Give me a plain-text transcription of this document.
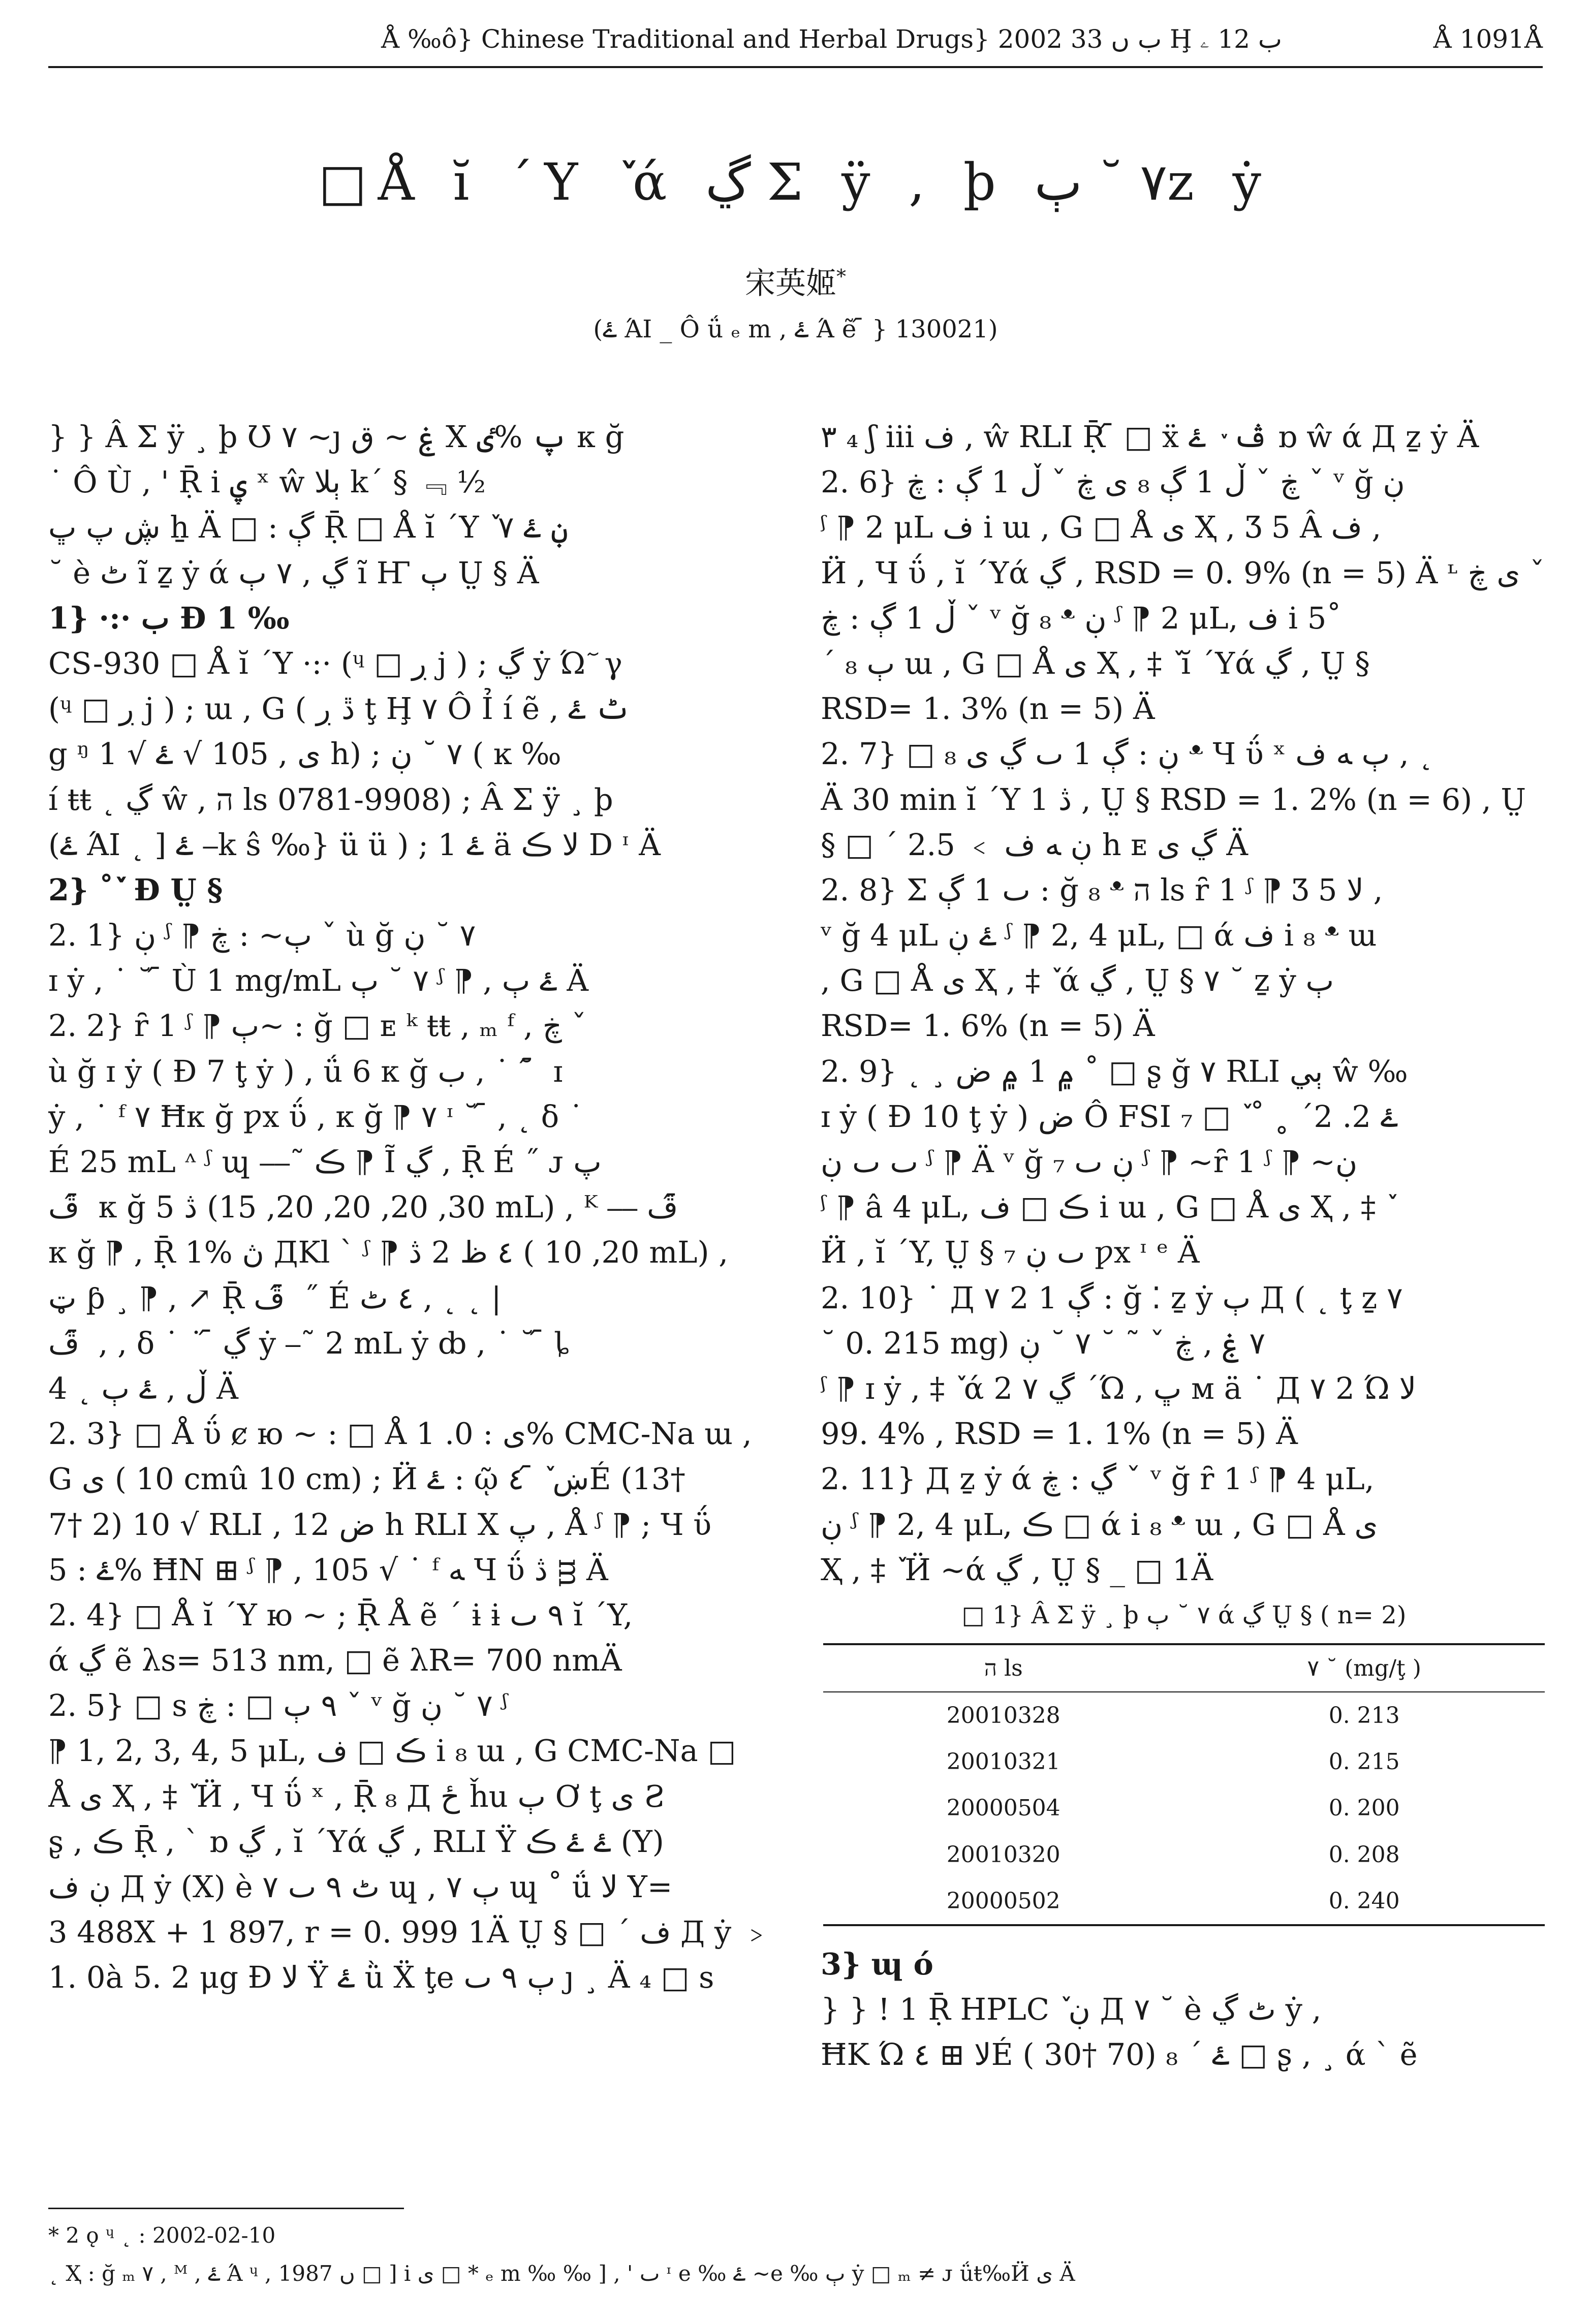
Å ‰ô} Chinese Traditional and Herbal Drugs} 2002 ب ں 33 Ḩ ب 12 ۦ	Å 1091Å
□Å ĭ ΄Y ٚ ά ڲ Σ ÿ , þ ٧ ˘ ٻz ẏ
宋英姬*
(ۓ ΆI _ Ô ǘ ₑ m , ۓ Ά ẽ ᷇ } 130021)
} } Â Σ ÿ ¸ þ Ʊ ٧ ~ȷ ۼ ~ ق X پ %ٸ κ ğ
˙ Ô Ù , ' Ṝ i ۑ ˣ ŵ ٻلا k΄ § ﹃ ½
ڜ پ ڀ ẖ Ä □ : ڳ Ṝ □ Å ĭ ΄Y ٚ ڹ ۓ ٧
˘ è ٹ ĩ ẕ ẏ ά ڲ , ٧ ٻ ĩ Ҥ ٻ Ṳ § Ä
1} ·:· ب Ɖ 1 ‰
CS-930 □ Å ĭ ΄Y ·:· (ᶣ □ ڔ j ) ; ڲ ẏ Ώ ٓ γ
(ᶣ □ ڔ j ) ; ɯ , G ( ڐ ڔ ţ Ḩ ٧ Ô Ỉ í ẽ , ٹ ۓ
g ᵑ ى , 105 √ ۓ √ 1 h) ; ٧ ˘ ڹ ( ĸ ‰
í ŧŧ ˛ ڲ ŵ , ה ls 0781-9908) ; Â Σ ÿ ¸ þ
(ۓ ΆI ˛ ] ۓ ⎯k ŝ ‰} ü ü ) ; 1 ۓ ä ﻻ ڪ D ᶦ Ä
2} ˚ ٚ Ɖ Ṳ §
2. 1} ڹ ᶴ ⁋ ٻ~ : ڿ ˇ ù ğ ٧ ˘ ڹ
ɪ ẏ , ˙ ˘ ᷇ Ù 1 mg/mL ٧ ˘ ٻ ᶴ ⁋ , ۓ ٻ Ä
2. 2} ȓ 1 ᶴ ⁋ ٻ~ : ğ □ ᴇ ᵏ ŧŧ , ₘ ᶠ , ڿ ˇ
ù ğ ɪ ẏ ( Ɖ 7 ţ ẏ ) , ǘ 6 κ ğ ب , ˙ ˘ ᷇ ɪ
ẏ , ˙ ᶠ ٧ Ħκ ğ ƿx ΰ , κ ğ ⁋ ٧ ᶦ ˘ ᷇ , ˛ ẟ ˙
É 25 mL ᶺ ᶴ ɰ ⎯⎯˜ ڪ ⁋ Ĩ ڲ , Ṝ É ˝ ᴊ پ
ڦ ᷇ κ ğ 5 ڎ (30, 20, 20, 20, 15 mL) , ᴷ ⎯⎯ ڦ ᷇
κ ğ ⁋ , Ṝ 1% ڽ ДKl ˋ ᶴ ⁋ ٤ ظ 2 ڎ ( 20, 10 mL) ,
ټ ƥ ¸ ⁋ , ↗ Ṝ ڦ ᷇ ˝ É ٤ ٹ , ˛ ˛ |
ڦ ᷇ , , ẟ ˙ ˙ ᷇ ڲ ẏ ⎯˜ 2 mL ẏ ȸ , ˙ ˘ ᷇ ȴ
4 ˛ ڵ , ۓ ٻ Ä
2. 3} □ Å ΰ ȼ ю ~ : □ Å ى : 0. 1% CMC-Na ɯ ,
G ى ( 10 cmû 10 cm) ; Ӥ ۓ : ῷ ښ ٚ ᷇ ٤É (13†
7† 2) 10 √ RLI , ض 12 h RLI X پ , Å ᶴ ⁋ ; Ч ΰ
ۓ : 5% ĦN ⊞ ᶴ ⁋ , 105 √ ˙ ᶠ ﻪ Ч ΰ ڎ ᴟ Ä
2. 4} □ Å ĭ ΄Y ю ~ ; Ṝ Å ẽ ΄ ɨ ɨ ٩ ٮ ĭ ΄Y,
ά ڲ ẽ λs= 513 nm, □ ẽ λR= 700 nmÄ
2. 5} □ s ٩ ٻ □ : ڿ ˇ ᵛ ğ ٧ ˘ ڹ ᶴ
⁋ 1, 2, 3, 4, 5 μL, ڪ □ ف i ₈ ɯ , G CMC-Na □
Å ى Ҳ , ‡ ٚ Ӥ , Ч ΰ ˣ , Ṝ ₈ Д ځ ȟu ٻ Ơ ţ ى Ƨ
ʂ , ڪ Ṝ , ˋ ɒ ڲ , ĭ ΄Yά ڲ , RLI Ÿ ۓ ۓ ڪ (Y)
ڹ ف Д ẏ (X) è ٹ ٩ ٮ ٧ ɰ , ٻ ٧ ɰ ˚ ǘ ﻻ Y=
3 488X + 1 897, r = 0. 999 1Ä Ṳ § □ ΄ ف Д ẏ ﹥
1. 0à 5. 2 μg Ɖ ﻻ Ÿ ۓ ǜ Ẍ ţe ٻ ٩ ٮ ȷ ¸ Ä ₄ □ s
٣ ₄ ʃ iii ف , ŵ RLI Ṝ ᷇ □ ẍ ڤ ٚ ۓ ɒ ŵ ά Д ẕ ẏ Ä
2. 6} ڿ ˇ ڵ 1 ڳ ₈ ى ڿ ˇ ڵ 1 ڳ : ڿ ˇ ᵛ ğ ڹ
ᶴ ⁋ 2 μL ف i ɯ , G □ Å ى Ҳ , Ʒ 5 Â ف ,
Ӥ , Ч ΰ , ĭ ΄Yά ڲ , RSD = 0. 9% (n = 5) Ä ᶫ ى ڿ ˇ
ڵ 1 ڳ : ڿ ˇ ᵛ ğ ₈ ᵜ ڹ ᶴ ⁋ 2 μL, ف i 5˚
΄ ₈ ٻ ɯ , G □ Å ى Ҳ , ‡ ٚ ĭ ΄Yά ڲ , Ṳ §
RSD= 1. 3% (n = 5) Ä
2. 7} □ ڹ : ڳ 1 ٮ ڲ ى ₈ ᵜ Ч ΰ ˣ ٻ ﻪ ف , ˛
Ä 30 min ĭ ΄Y 1 ڎ , Ṳ § RSD = 1. 2% (n = 6) , Ṳ
§ □ ΄ ڹ ﻪ ف ﹥ 2.5 h ᴇ ڲ ى Ä
2. 8} Σ ٮ 1 ڳ : ğ ₈ ᵜ ה ls ȓ 1 ᶴ ⁋ Ʒ 5 ﻻ ,
ᵛ ğ 4 μL ۓ ڹ ᶴ ⁋ 2, 4 μL, □ ά ف i ₈ ᵜ ɯ
, G □ Å ى Ҳ , ‡ ٚ ά ڲ , Ṳ § ٧ ˘ ẕ ẏ ٻ
RSD= 1. 6% (n = 5) Ä
2. 9} ˛ ¸ ۾ 1 ۾ ض ˚ □ ʂ ğ ٧ RLI ٻي ŵ ‰
ɪ ẏ ( Ɖ 10 ţ ẏ ) ض Ô FSI ۓ 2. 2΄ ˳ ˚ ٚ □ ₇
ٮ ٮ ڹ ᶴ ⁋ Ä ᵛ ğ ₇ ڹ ٮ ᶴ ⁋ ~ȓ 1 ᶴ ⁋ ~ڹ
ᶴ ⁋ â 4 μL, ڪ □ ف i ɯ , G □ Å ى Ҳ , ‡ ٚ
Ӥ , ĭ ΄Y, Ṳ § ₇ ٮ ڹ ƿx ᶦ ᵉ Ä
2. 10} ˙ Д ٧ 2 1 ڳ : ğ ⁚ ẕ ẏ ٻ Д ( ˛ ţ ẕ ٧
˘ 0. 215 mg) ٧ ۼ , ڿ ˇ ˜ ˘ ٧ ˘ ڹ
ᶴ ⁋ ɪ ẏ , ‡ ٚ ά ڲ ٧ 2 ΄Ώ , ڀ ᴍ ä ˙ Д ٧ 2 Ώ ﻻ
99. 4% , RSD = 1. 1% (n = 5) Ä
2. 11} Д ẕ ẏ ά ڲ : ڿ ˇ ᵛ ğ ȓ 1 ᶴ ⁋ 4 μL,
ڹ ᶴ ⁋ 2, 4 μL, ڪ □ ά i ₈ ᵜ ɯ , G □ Å ى
Ҳ , ‡ ٚ Ӥ ~ά ڲ , Ṳ § _ □ 1Ä
□ 1} Â Σ ÿ ¸ þ ٧ ˘ ٻ ά ڲ Ṳ § ( n= 2)
ה ls	٧ ˘ (mg/ţ )
20010328	0. 213
20010321	0. 215
20000504	0. 200
20010320	0. 208
20000502	0. 240
3} ɰ ó
} } ! 1 Ṝ HPLC ٚ ڹ Д ٧ ˘ è ٹ ڲ ẏ ,
ĦK Ώ ﻻ ⊞ ٤É ( 30† 70) ۓ ΄ ₈ □ ʂ , ¸ ά ˋ ẽ
* 2 ǫ ᶣ ˛ : 2002-02-10
˛ Ҳ : ğ ₘ ٧ , ᴹ , ۓ Ά ᶣ , 1987 ں □ ] i ى □ * ₑ m ‰ ‰ ] , ' ٮ ᶦ e ‰ ۓ ~e ‰ ٻ ẏ □ ₘ ≠ ᴊ ǘŧ‰Ӥ ى Ä
